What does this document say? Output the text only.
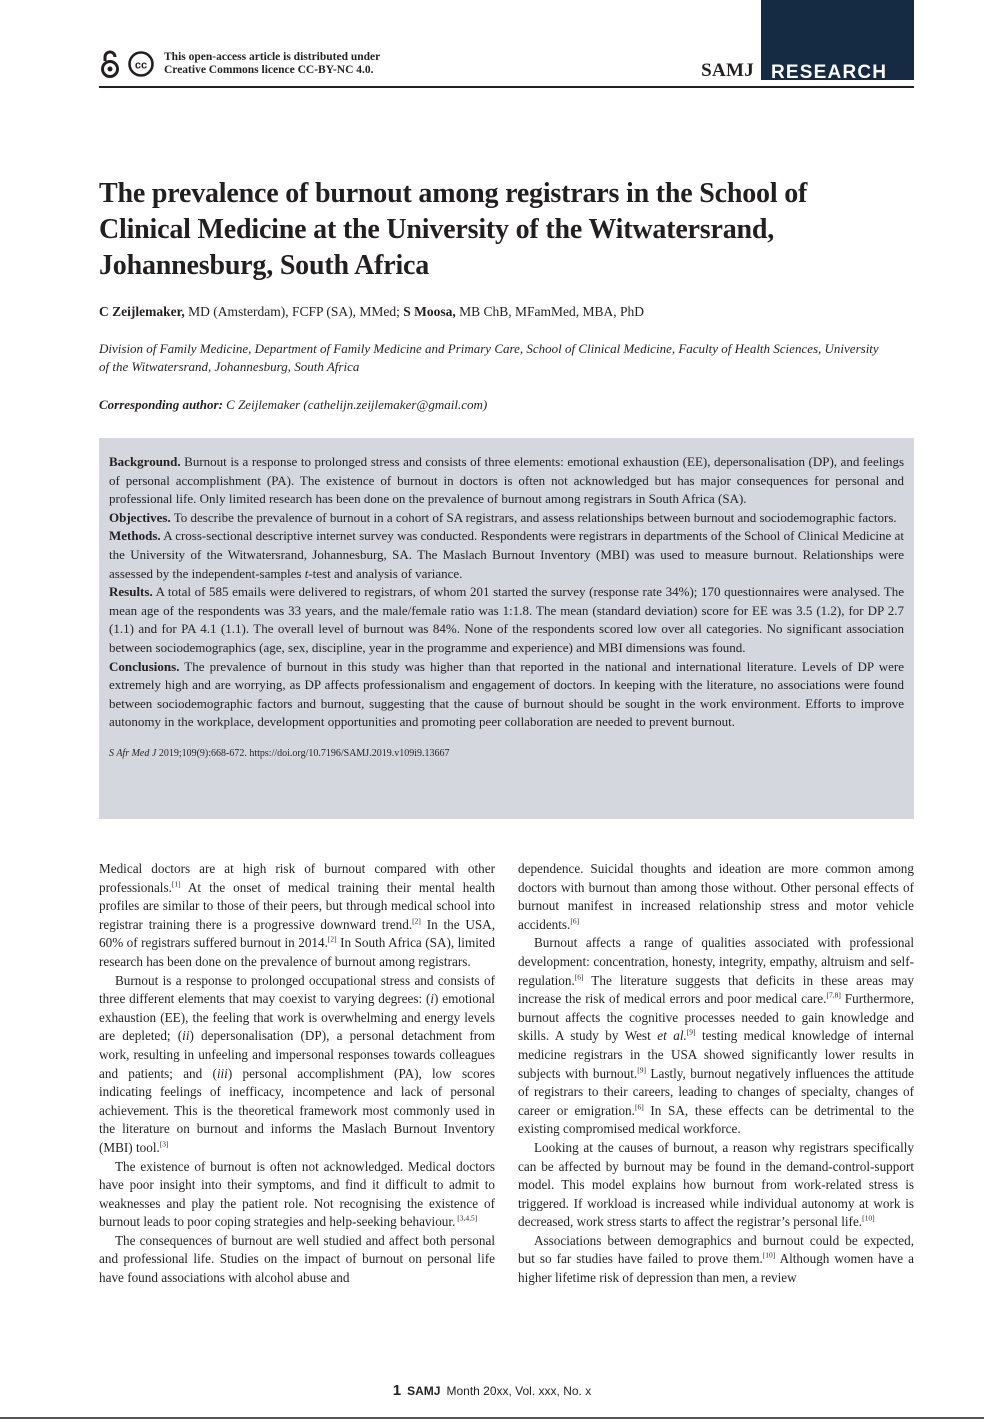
cc
This open-access article is distributed under
Creative Commons licence CC-BY-NC 4.0.	SAMJ RESEARCH
The prevalence of burnout among registrars in the School of Clinical Medicine at the University of the Witwatersrand, Johannesburg, South Africa
C Zeijlemaker, MD (Amsterdam), FCFP (SA), MMed; S Moosa, MB ChB, MFamMed, MBA, PhD
Division of Family Medicine, Department of Family Medicine and Primary Care, School of Clinical Medicine, Faculty of Health Sciences, University of the Witwatersrand, Johannesburg, South Africa
Corresponding author: C Zeijlemaker (cathelijn.zeijlemaker@gmail.com)

Background. Burnout is a response to prolonged stress and consists of three elements: emotional exhaustion (EE), depersonalisation (DP), and feelings of personal accomplishment (PA). The existence of burnout in doctors is often not acknowledged but has major consequences for personal and professional life. Only limited research has been done on the prevalence of burnout among registrars in South Africa (SA).

Objectives. To describe the prevalence of burnout in a cohort of SA registrars, and assess relationships between burnout and sociodemographic factors.

Methods. A cross-sectional descriptive internet survey was conducted. Respondents were registrars in departments of the School of Clinical Medicine at the University of the Witwatersrand, Johannesburg, SA. The Maslach Burnout Inventory (MBI) was used to measure burnout. Relationships were assessed by the independent-samples t-test and analysis of variance.

Results. A total of 585 emails were delivered to registrars, of whom 201 started the survey (response rate 34%); 170 questionnaires were analysed. The mean age of the respondents was 33 years, and the male/female ratio was 1:1.8. The mean (standard deviation) score for EE was 3.5 (1.2), for DP 2.7 (1.1) and for PA 4.1 (1.1). The overall level of burnout was 84%. None of the respondents scored low over all categories. No significant association between sociodemographics (age, sex, discipline, year in the programme and experience) and MBI dimensions was found.

Conclusions. The prevalence of burnout in this study was higher than that reported in the national and international literature. Levels of DP were extremely high and are worrying, as DP affects professionalism and engagement of doctors. In keeping with the literature, no associations were found between sociodemographic factors and burnout, suggesting that the cause of burnout should be sought in the work environment. Efforts to improve autonomy in the workplace, development opportunities and promoting peer collaboration are needed to prevent burnout.

S Afr Med J 2019;109(9):668-672. https://doi.org/10.7196/SAMJ.2019.v109i9.13667

Medical doctors are at high risk of burnout compared with other professionals.[1] At the onset of medical training their mental health profiles are similar to those of their peers, but through medical school into registrar training there is a progressive downward trend.[2] In the USA, 60% of registrars suffered burnout in 2014.[2] In South Africa (SA), limited research has been done on the prevalence of burnout among registrars.

Burnout is a response to prolonged occupational stress and consists of three different elements that may coexist to varying degrees: (i) emotional exhaustion (EE), the feeling that work is overwhelming and energy levels are depleted; (ii) depersonalisation (DP), a personal detachment from work, resulting in unfeeling and impersonal responses towards colleagues and patients; and (iii) personal accomplishment (PA), low scores indicating feelings of inefficacy, incompetence and lack of personal achievement. This is the theoretical framework most commonly used in the literature on burnout and informs the Maslach Burnout Inventory (MBI) tool.[3]

The existence of burnout is often not acknowledged. Medical doctors have poor insight into their symptoms, and find it difficult to admit to weaknesses and play the patient role. Not recognising the existence of burnout leads to poor coping strategies and help-seeking behaviour. [3,4,5]

The consequences of burnout are well studied and affect both personal and professional life. Studies on the impact of burnout on personal life have found associations with alcohol abuse and

dependence. Suicidal thoughts and ideation are more common among doctors with burnout than among those without. Other personal effects of burnout manifest in increased relationship stress and motor vehicle accidents.[6]

Burnout affects a range of qualities associated with professional development: concentration, honesty, integrity, empathy, altruism and self-regulation.[6] The literature suggests that deficits in these areas may increase the risk of medical errors and poor medical care.[7,8] Furthermore, burnout affects the cognitive processes needed to gain knowledge and skills. A study by West et al.[9] testing medical knowledge of internal medicine registrars in the USA showed significantly lower results in subjects with burnout.[9] Lastly, burnout negatively influences the attitude of registrars to their careers, leading to changes of specialty, changes of career or emigration.[6] In SA, these effects can be detrimental to the existing compromised medical workforce.

Looking at the causes of burnout, a reason why registrars specifically can be affected by burnout may be found in the demand-control-support model. This model explains how burnout from work-related stress is triggered. If workload is increased while individual autonomy at work is decreased, work stress starts to affect the registrar’s personal life.[10]

Associations between demographics and burnout could be expected, but so far studies have failed to prove them.[10] Although women have a higher lifetime risk of depression than men, a review

1 SAMJ Month 20xx, Vol. xxx, No. x
